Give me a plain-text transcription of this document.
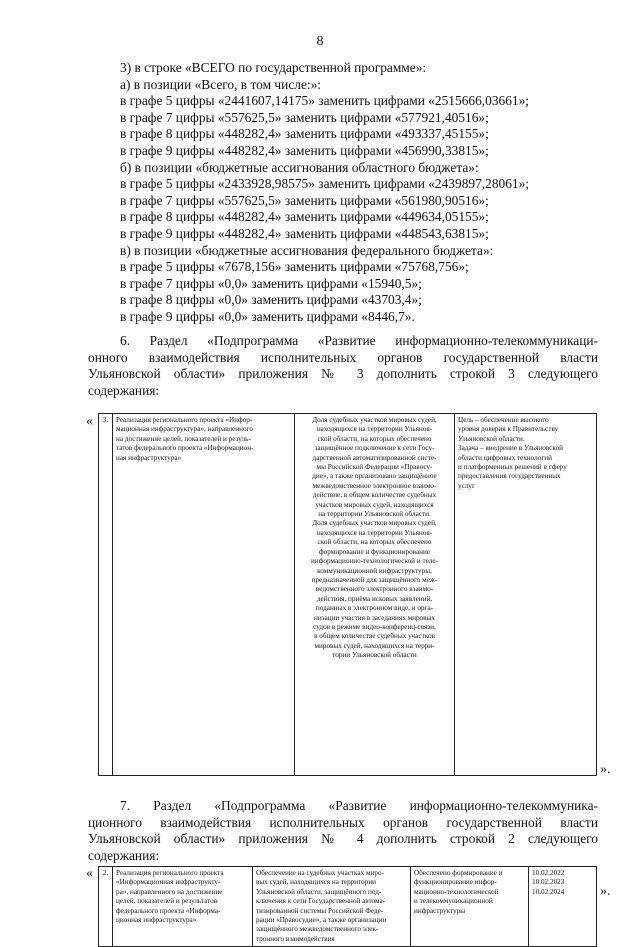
8
3) в строке «ВСЕГО по государственной программе»:
а) в позиции «Всего, в том числе:»:
в графе 5 цифры «2441607,14175» заменить цифрами «2515666,03661»;
в графе 7 цифры «557625,5» заменить цифрами «577921,40516»;
в графе 8 цифры «448282,4» заменить цифрами «493337,45155»;
в графе 9 цифры «448282,4» заменить цифрами «456990,33815»;
б) в позиции «бюджетные ассигнования областного бюджета»:
в графе 5 цифры «2433928,98575» заменить цифрами «2439897,28061»;
в графе 7 цифры «557625,5» заменить цифрами «561980,90516»;
в графе 8 цифры «448282,4» заменить цифрами «449634,05155»;
в графе 9 цифры «448282,4» заменить цифрами «448543,63815»;
в) в позиции «бюджетные ассигнования федерального бюджета»:
в графе 5 цифры «7678,156» заменить цифрами «75768,756»;
в графе 7 цифры «0,0» заменить цифрами «15940,5»;
в графе 8 цифры «0,0» заменить цифрами «43703,4»;
в графе 9 цифры «0,0» заменить цифрами «8446,7».
6. Раздел «Подпрограмма «Развитие информационно-телекоммуникаци-
онного взаимодействия исполнительных органов государственной власти
Ульяновской области» приложения № 3 дополнить строкой 3 следующего
содержания:
« 3.	Реализация регионального проекта «Инфор-
мационная инфраструктура», направленного
на достижение целей, показателей и резуль-
татов федерального проекта «Информацион-
ная инфраструктура»

Доля судебных участков мировых судей,
находящихся на территории Ульянов-
ской области, на которых обеспечено
защищённое подключение к сети Госу-
дарственной автоматизированной систе-
мы Российской Федерации «Правосу-
дие», а также организовано защищённое
межведомственное электронное взаимо-
действие, в общем количестве судебных
участков мировых судей, находящихся
на территории Ульяновской области.
Доля судебных участков мировых судей,
находящихся на территории Ульянов-
ской области, на которых обеспечено
формирование и функционирование
информационно-технологической и теле-
коммуникационной инфраструктуры,
предназначенной для защищённого меж-
ведомственного электронного взаимо-
действия, приёма исковых заявлений,
поданных в электронном виде, и орга-
низации участия в заседаниях мировых
судов в режиме видео-конференц-связи,
в общем количестве судебных участков
мировых судей, находящихся на терри-
тории Ульяновской области

Цель – обеспечение высокого
уровня доверия к Правительству
Ульяновской области.
Задача – внедрение в Ульяновской
области цифровых технологий
и платформенных решений в сферу
предоставления государственных
услуг
».
7. Раздел «Подпрограмма «Развитие информационно-телекоммуника-
ционного взаимодействия исполнительных органов государственной власти
Ульяновской области» приложения № 4 дополнить строкой 2 следующего
содержания:
« 2.	Реализация регионального проекта
«Информационная инфраструкту-
ра», направленного на достижение
целей, показателей и результатов
федерального проекта «Информа-
ционная инфраструктура»

Обеспечение на судебных участках миро-
вых судей, находящихся на территории
Ульяновской области, защищённого под-
ключения к сети Государственной автома-
тизированной системы Российской Феде-
рации «Правосудие», а также организации
защищённого межведомственного элек-
тронного взаимодействия

Обеспечено формирование и
функционирование инфор-
мационно-технологической
и телекоммуникационной
инфраструктуры

10.02.2022
10.02.2023
10.02.2024	».
